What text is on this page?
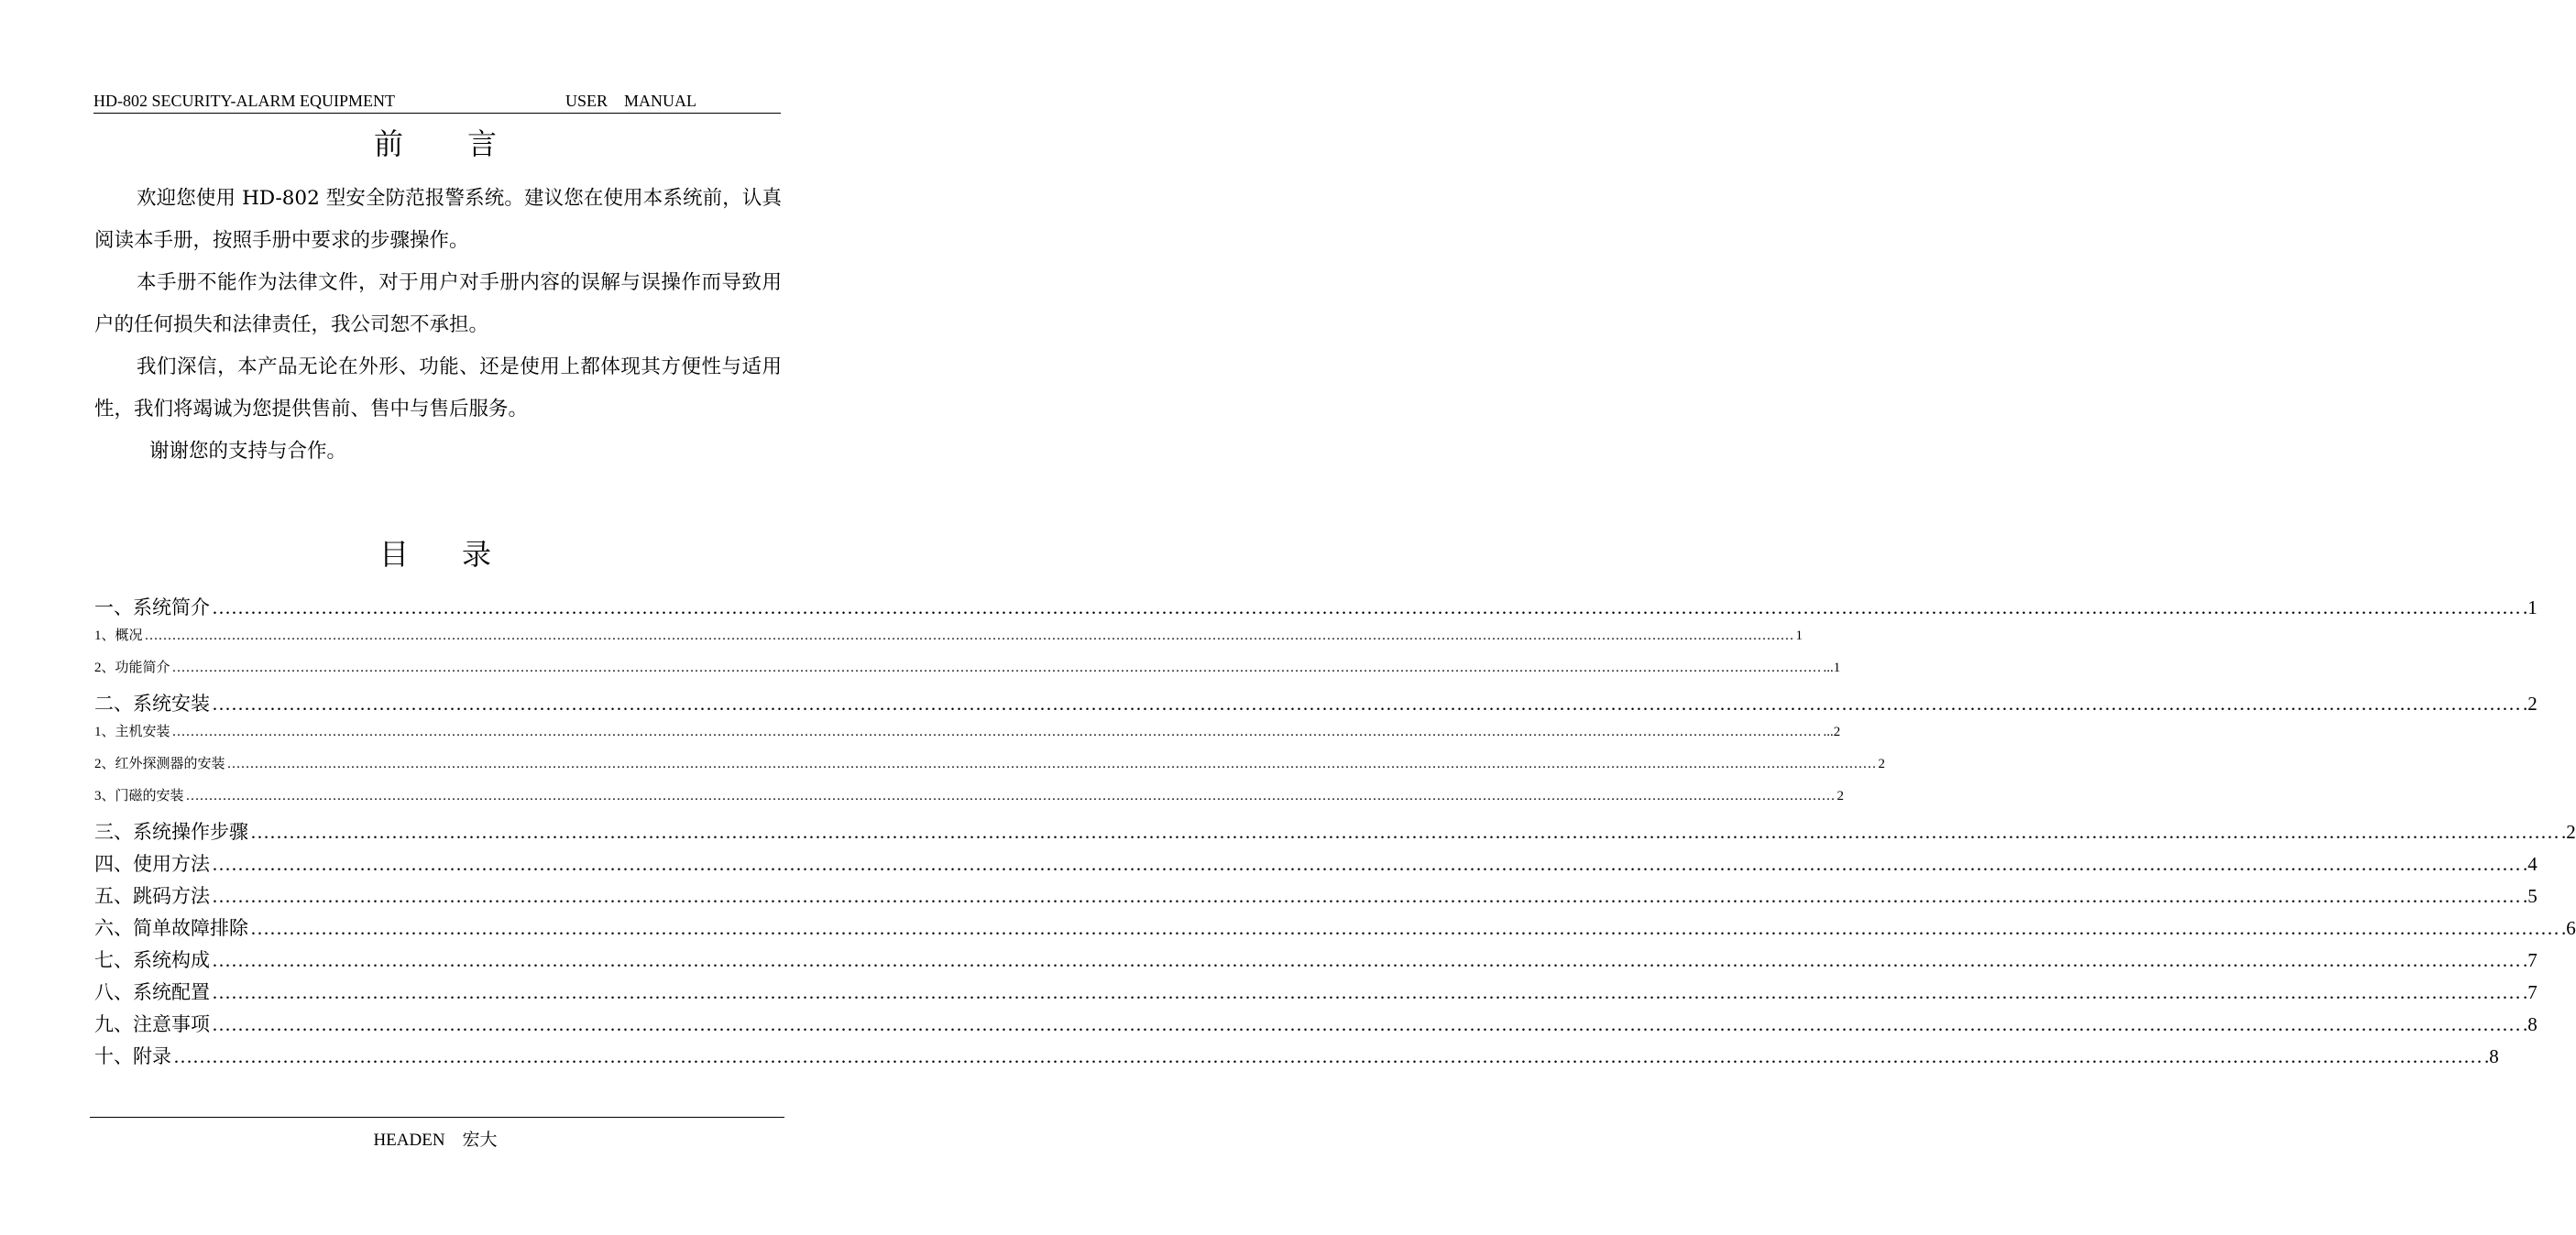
HD-802 SECURITY-ALARM EQUIPMENT	USER    MANUAL
前 言

欢迎您使用 HD-802 型安全防范报警系统。建议您在使用本系统前，认真阅读本手册，按照手册中要求的步骤操作。

本手册不能作为法律文件，对于用户对手册内容的误解与误操作而导致用户的任何损失和法律责任，我公司恕不承担。

我们深信，本产品无论在外形、功能、还是使用上都体现其方便性与适用性，我们将竭诚为您提供售前、售中与售后服务。

谢谢您的支持与合作。

目 录
一、系统简介 ……………………………………………………………………………………………………………………………………………………………………………………………………………………………………………………………………………………………………………………………… .1
1、概况 ……………………………………………………………………………………………………………………………………………………………………………………………………………………………………………………………………………………………………………………………… 1
2、功能简介 ……………………………………………………………………………………………………………………………………………………………………………………………………………………………………………………………………………………………………………………………… ...1
二、系统安装 ……………………………………………………………………………………………………………………………………………………………………………………………………………………………………………………………………………………………………………………………… .2
1、主机安装 ……………………………………………………………………………………………………………………………………………………………………………………………………………………………………………………………………………………………………………………………… ...2
2、红外探测器的安装 ……………………………………………………………………………………………………………………………………………………………………………………………………………………………………………………………………………………………………………………………… 2
3、门磁的安装 ……………………………………………………………………………………………………………………………………………………………………………………………………………………………………………………………………………………………………………………………… 2
三、系统操作步骤 ……………………………………………………………………………………………………………………………………………………………………………………………………………………………………………………………………………………………………………………………… .2
四、使用方法 ……………………………………………………………………………………………………………………………………………………………………………………………………………………………………………………………………………………………………………………………… .4
五、跳码方法 ……………………………………………………………………………………………………………………………………………………………………………………………………………………………………………………………………………………………………………………………… .5
六、简单故障排除 ……………………………………………………………………………………………………………………………………………………………………………………………………………………………………………………………………………………………………………………………… .6
七、系统构成 ……………………………………………………………………………………………………………………………………………………………………………………………………………………………………………………………………………………………………………………………… .7
八、系统配置 ……………………………………………………………………………………………………………………………………………………………………………………………………………………………………………………………………………………………………………………………… .7
九、注意事项 ……………………………………………………………………………………………………………………………………………………………………………………………………………………………………………………………………………………………………………………………… .8
十、附录 ……………………………………………………………………………………………………………………………………………………………………………………………………………………………………………………………………………………………………………………………… .8
HEADEN    宏大
